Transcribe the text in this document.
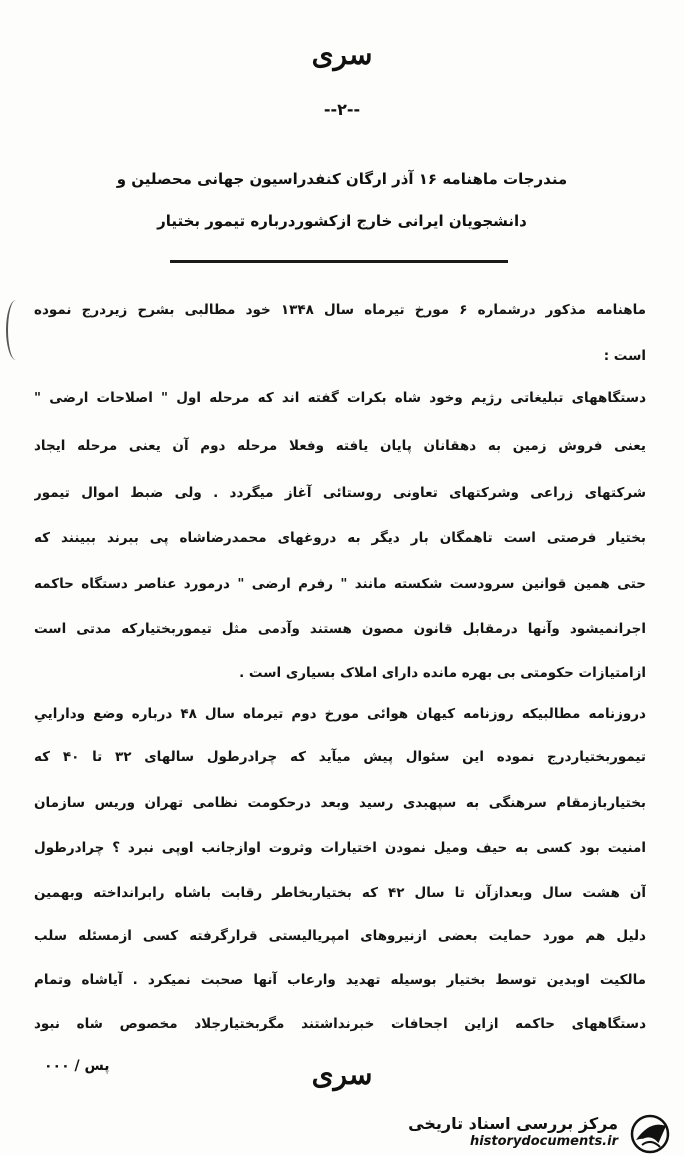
سری
--۲--
مندرجات ماهنامه ۱۶ آذر ارگان کنفدراسیون جهانی محصلین و
دانشجویان ایرانی خارج ازکشوردرباره تیمور بختیار
ماهنامه مذکور درشماره ۶ مورخ تیرماه سال ۱۳۴۸ خود مطالبی بشرح زیردرج نموده
است :
دستگاههای تبلیغاتی رژیم وخود شاه بکرات گفته اند که مرحله اول " اصلاحات ارضی "
یعنی فروش زمین به دهقانان پایان یافته وفعلا مرحله دوم آن یعنی مرحله ایجاد
شرکتهای زراعی وشرکتهای تعاونی روستائی آغاز میگردد . ولی ضبط اموال تیمور
بختیار فرصتی است تاهمگان بار دیگر به دروغهای محمدرضاشاه پی ببرند ببینند که
حتی همین قوانین سرودست شکسته مانند " رفرم ارضی " درمورد عناصر دستگاه حاکمه
اجرانمیشود وآنها درمقابل قانون مصون هستند وآدمی مثل تیموربختیارکه مدتی است
ازامتیازات حکومتی بی بهره مانده دارای املاک بسیاری است .
دروزنامه مطالبیکه روزنامه کیهان هوائی مورخ دوم تیرماه سال ۴۸ درباره وضع وداراییِ
تیموربختیاردرج نموده این سئوال پیش میآید که چرادرطول سالهای ۳۲ تا ۴۰ که
بختیاربازمقام سرهنگی به سپهبدی رسید وبعد درحکومت نظامی تهران وریس سازمان
امنیت بود کسی به حیف ومیل نمودن اختیارات وثروت اوازجانب اوپی نبرد ؟ چرادرطول
آن هشت سال وبعدازآن تا سال ۴۲ که بختیاربخاطر رقابت باشاه رابرانداخته وبهمین
دلیل هم مورد حمایت بعضی ازنیروهای امپریالیستی قرارگرفته کسی ازمسئله سلب
مالکیت اوبدین توسط بختیار بوسیله تهدید وارعاب آنها صحبت نمیکرد . آیاشاه وتمام
دستگاههای حاکمه ازاین اجحافات خبرنداشتند مگربختیارجلاد مخصوص شاه نبود
سری
پس / ۰۰۰
مرکز بررسی اسناد تاریخی
historydocuments.ir
